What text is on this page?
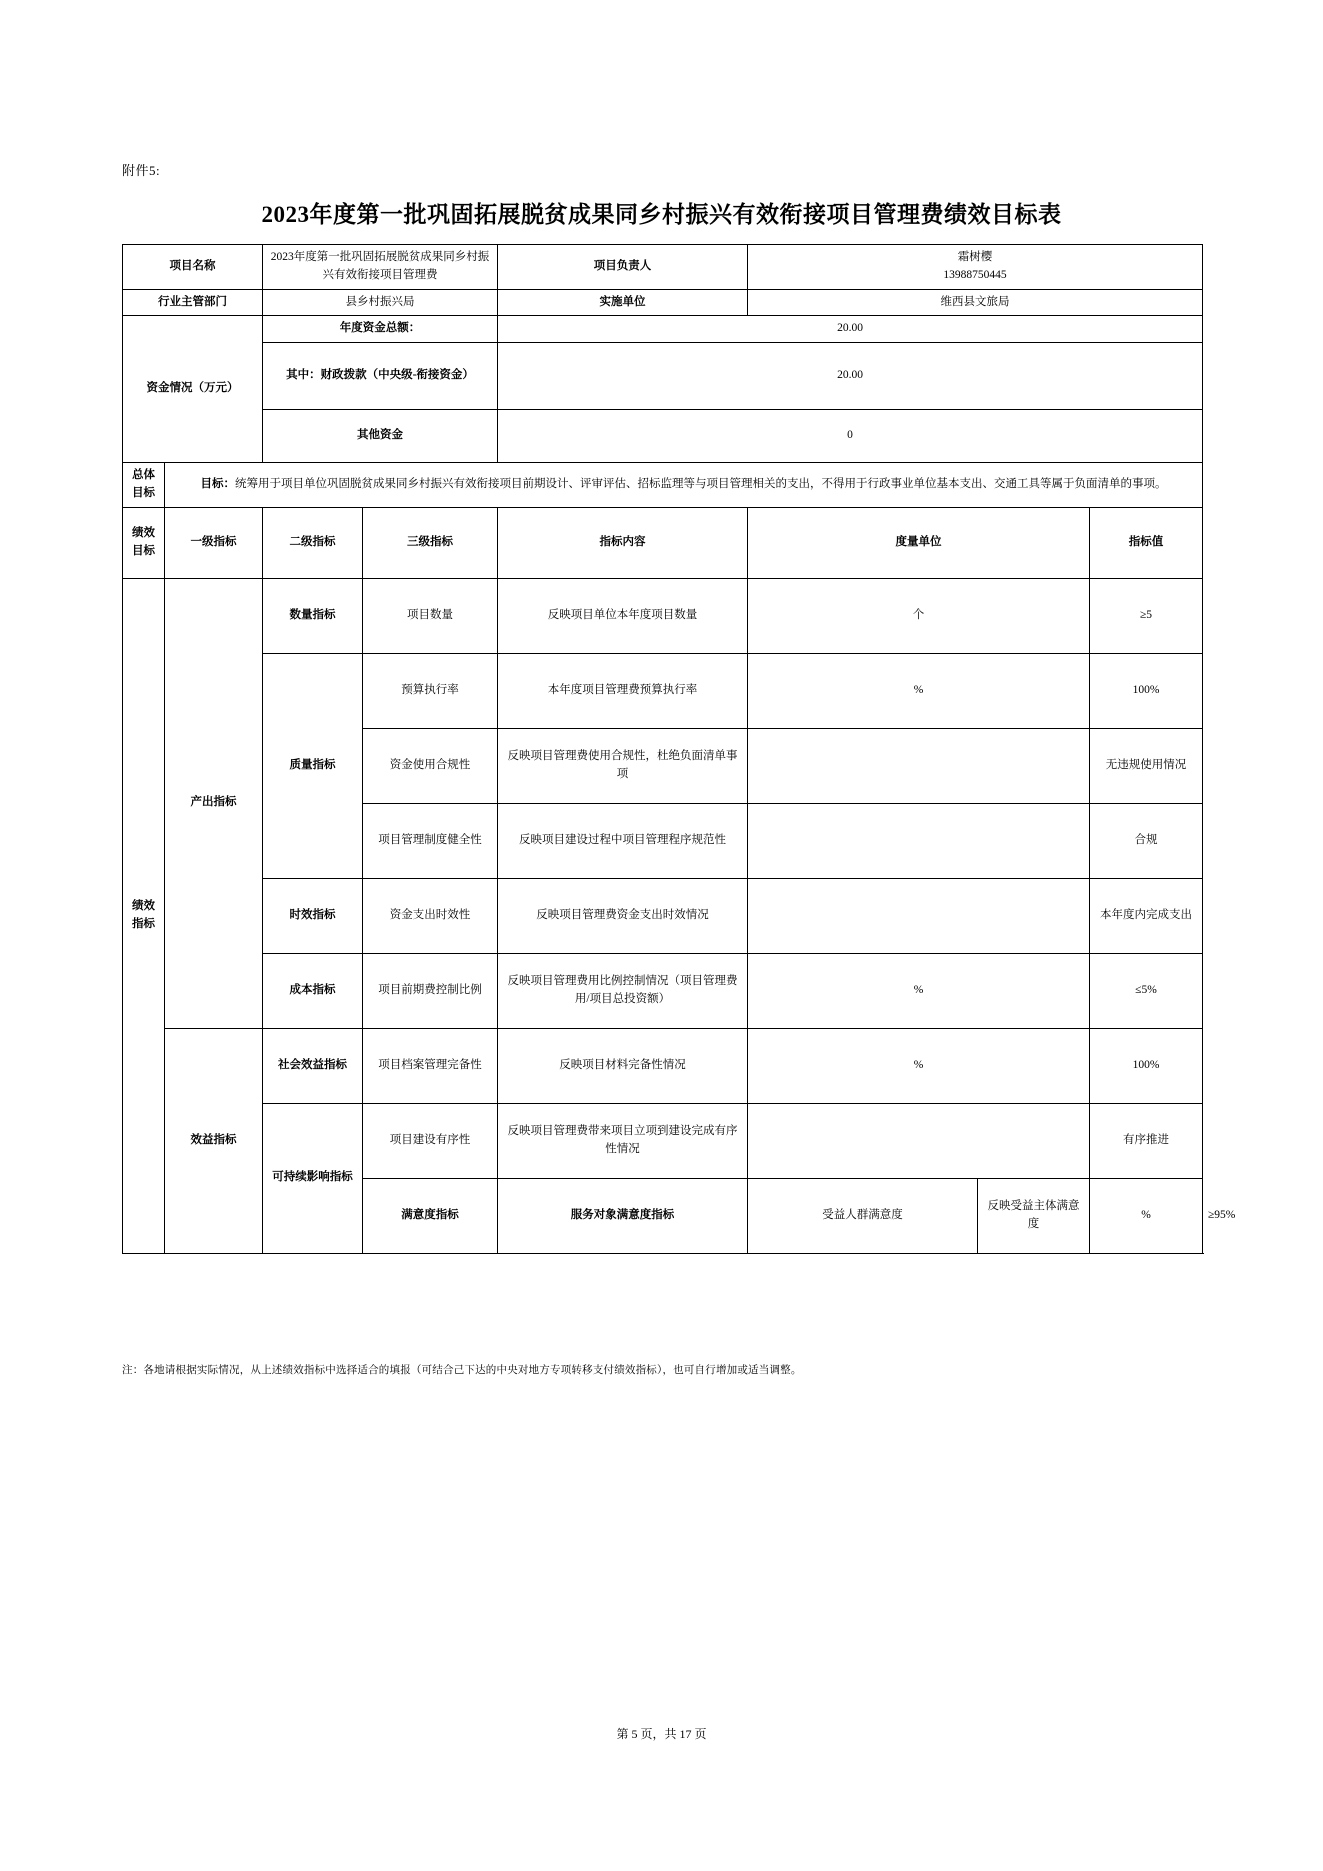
附件5:
2023年度第一批巩固拓展脱贫成果同乡村振兴有效衔接项目管理费绩效目标表
项目名称		2023年度第一批巩固拓展脱贫成果同乡村振兴有效衔接项目管理费		项目负责人	霜树樱
13988750445			

行业主管部门		县乡村振兴局		实施单位	维西县文旅局			
资金情况（万元）		年度资金总额：		20.00				
		其中：财政拨款（中央级-衔接资金）		20.00				
		其他资金		0				
总体目标	目标：统筹用于项目单位巩固脱贫成果同乡村振兴有效衔接项目前期设计、评审评估、招标监理等与项目管理相关的支出，不得用于行政事业单位基本支出、交通工具等属于负面清单的事项。							
绩效目标	一级指标	二级指标	三级指标	指标内容	度量单位		指标值	
绩效指标	产出指标	数量指标	项目数量	反映项目单位本年度项目数量	个		≥5	
		质量指标	预算执行率	本年度项目管理费预算执行率	%		100%	
			资金使用合规性	反映项目管理费使用合规性，杜绝负面清单事项			无违规使用情况	
			项目管理制度健全性	反映项目建设过程中项目管理程序规范性			合规	
		时效指标	资金支出时效性	反映项目管理费资金支出时效情况			本年度内完成支出	
		成本指标	项目前期费控制比例	反映项目管理费用比例控制情况（项目管理费用/项目总投资额）	%		≤5%	
	效益指标	社会效益指标	项目档案管理完备性	反映项目材料完备性情况	%		100%	
		可持续影响指标	项目建设有序性	反映项目管理费带来项目立项到建设完成有序性情况			有序推进	
			满意度指标	服务对象满意度指标	受益人群满意度	反映受益主体满意度	%	≥95%
注：各地请根据实际情况，从上述绩效指标中选择适合的填报（可结合己下达的中央对地方专项转移支付绩效指标），也可自行增加或适当调整。
第 5 页，共 17 页
